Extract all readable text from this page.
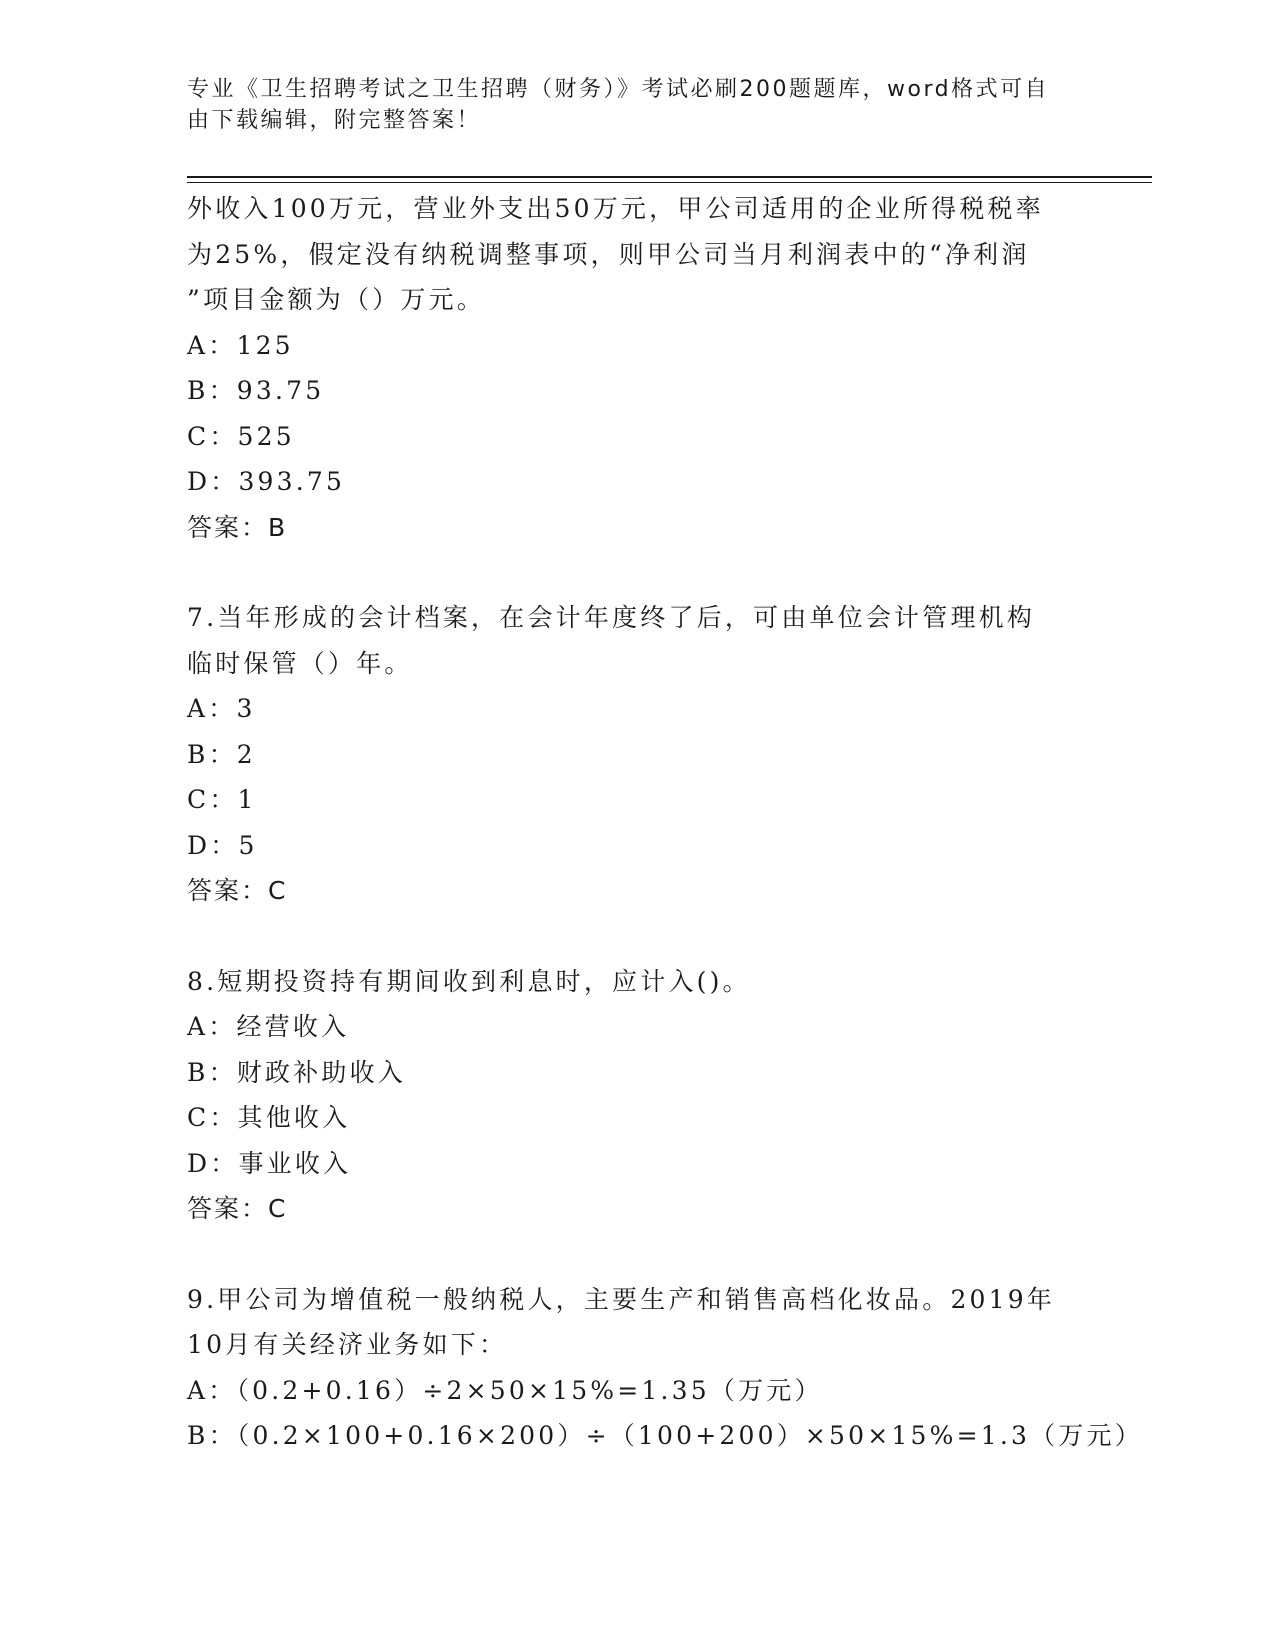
专业《卫生招聘考试之卫生招聘（财务）》考试必刷200题题库，word格式可自由下载编辑，附完整答案！
外收入100万元，营业外支出50万元，甲公司适用的企业所得税税率
为25%，假定没有纳税调整事项，则甲公司当月利润表中的“净利润
”项目金额为（）万元。
A：125
B：93.75
C：525
D：393.75
答案：B
7.当年形成的会计档案，在会计年度终了后，可由单位会计管理机构
临时保管（）年。
A：3
B：2
C：1
D：5
答案：C
8.短期投资持有期间收到利息时，应计入()。
A：经营收入
B：财政补助收入
C：其他收入
D：事业收入
答案：C
9.甲公司为增值税一般纳税人，主要生产和销售高档化妆品。2019年
10月有关经济业务如下：
A：（0.2+0.16）÷2×50×15%=1.35（万元）
B：（0.2×100+0.16×200）÷（100+200）×50×15%=1.3（万元）
